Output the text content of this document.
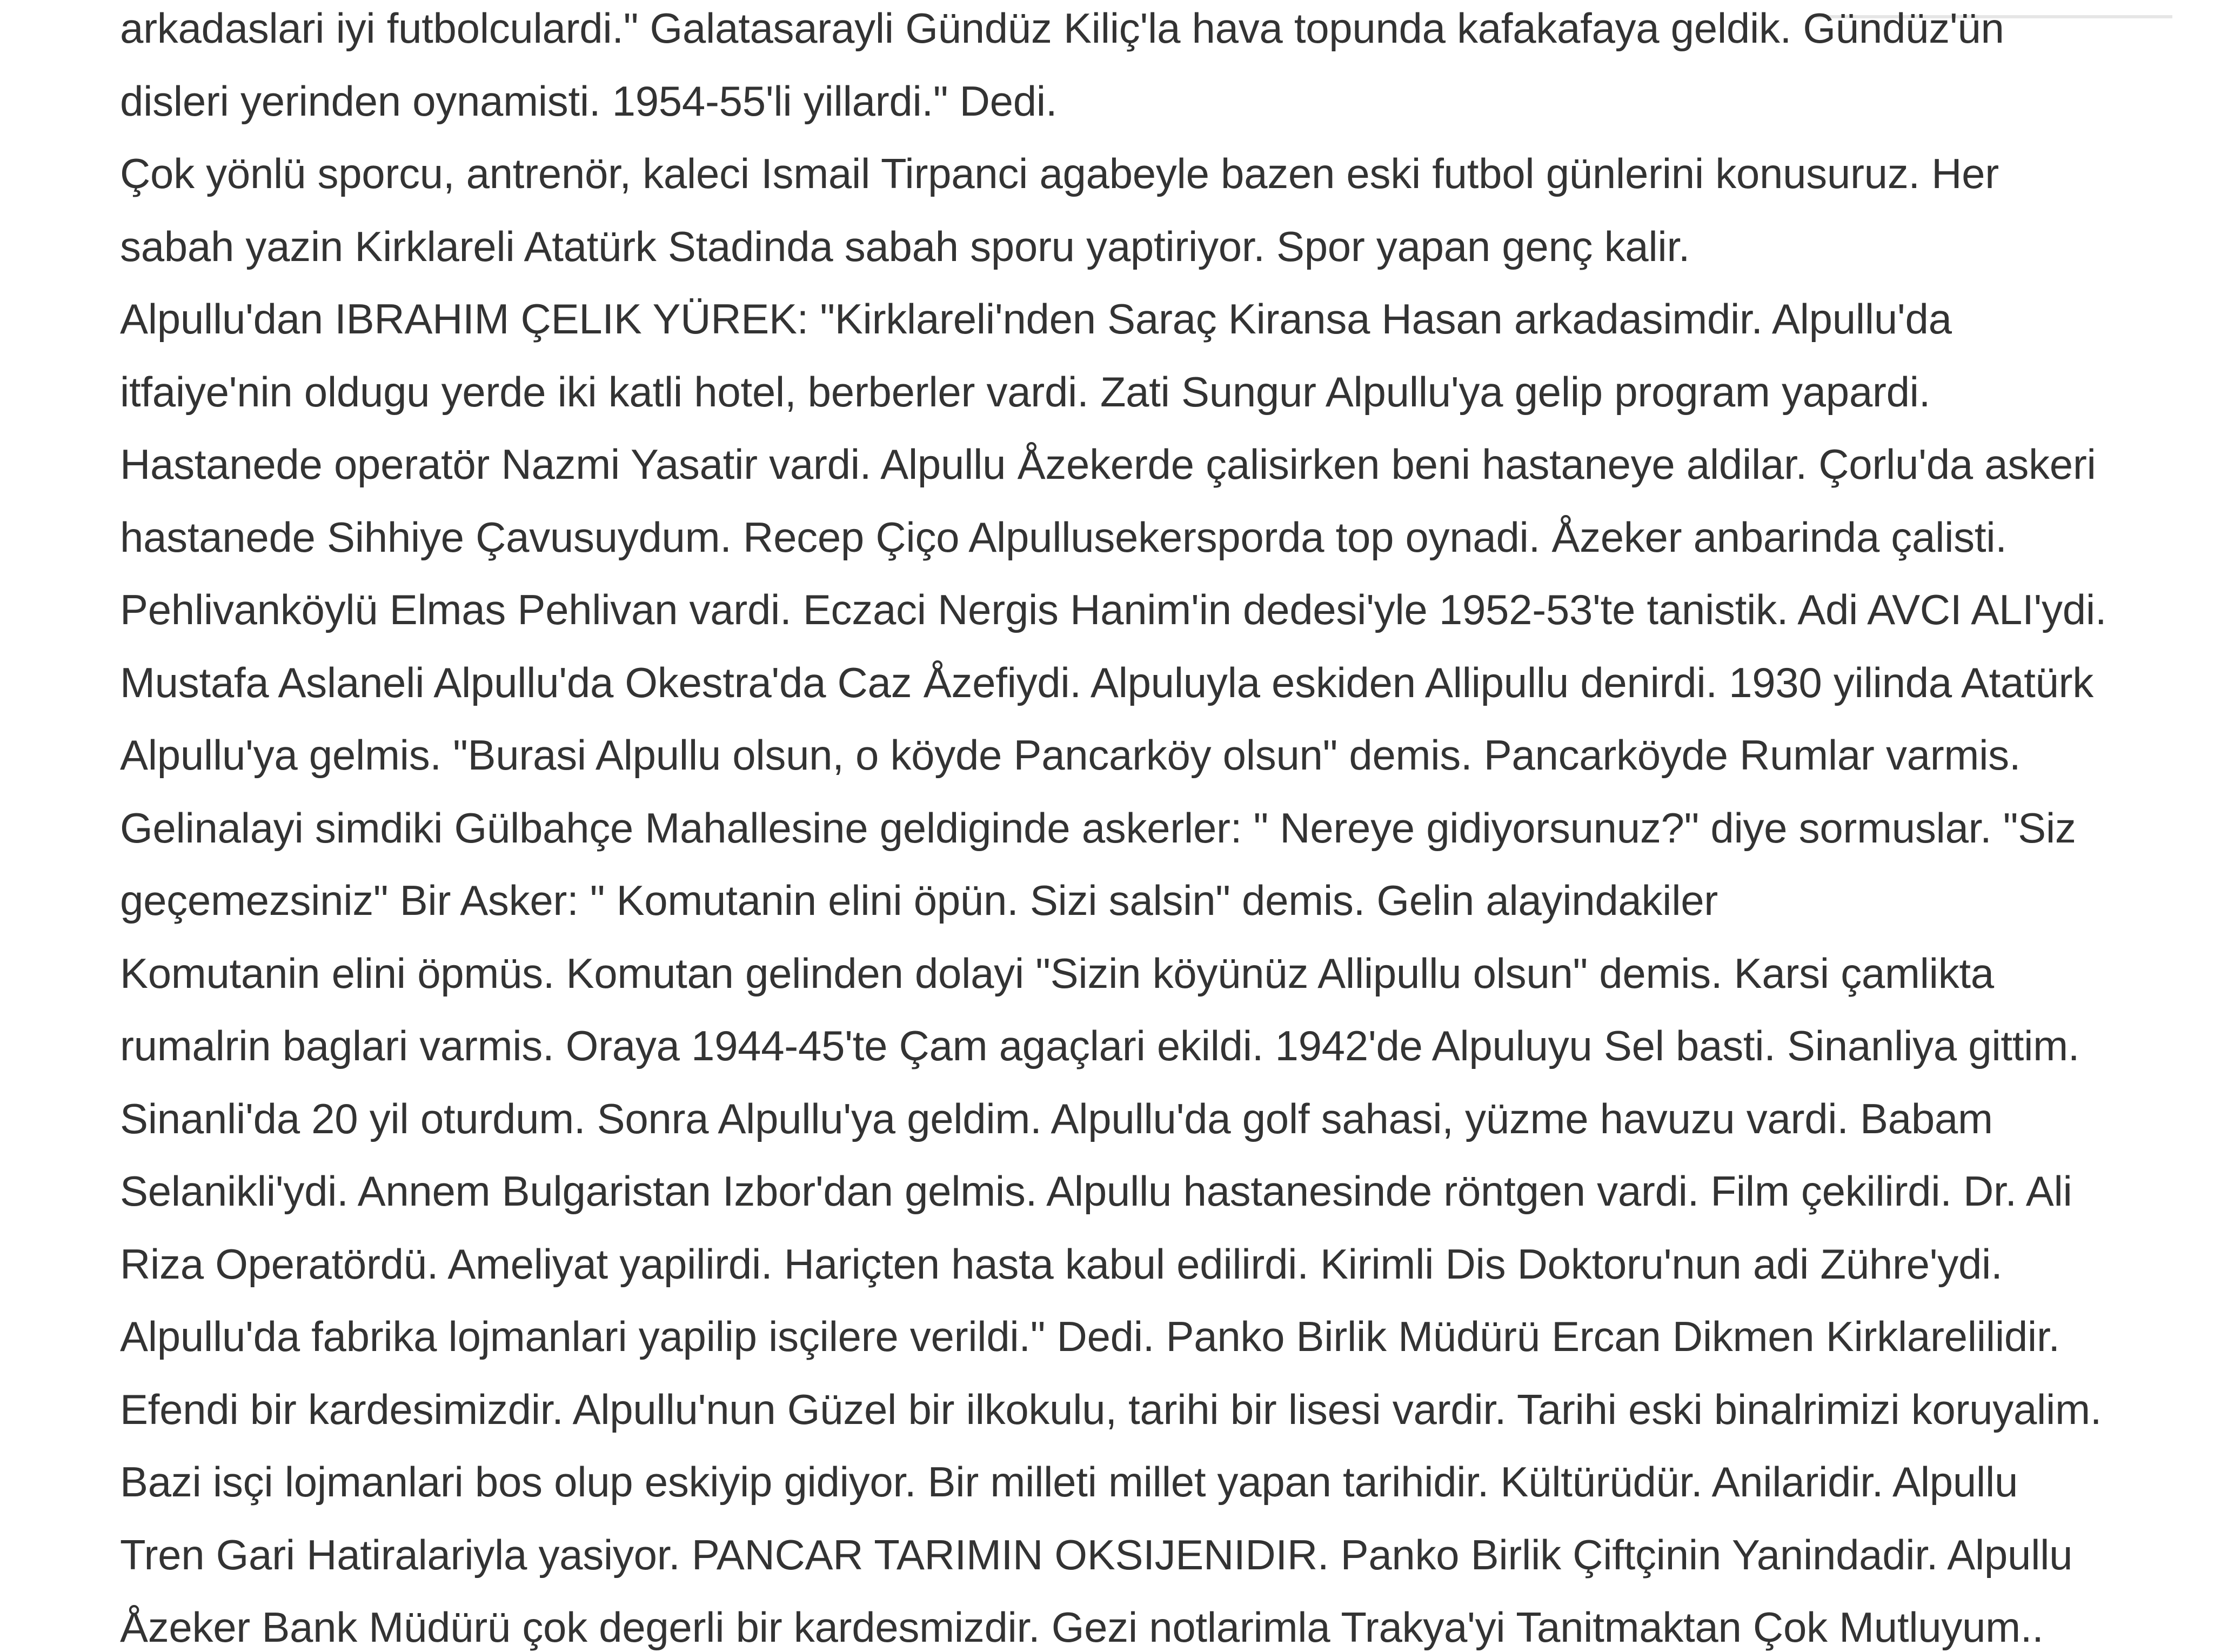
arkadaslari iyi futbolculardi." Galatasarayli Gündüz Kiliç'la hava topunda kafakafaya geldik. Gündüz'ün
disleri yerinden oynamisti. 1954-55'li yillardi." Dedi.
Çok yönlü sporcu, antrenör, kaleci Ismail Tirpanci agabeyle bazen eski futbol günlerini konusuruz. Her
sabah yazin Kirklareli Atatürk Stadinda sabah sporu yaptiriyor. Spor yapan genç kalir.
Alpullu'dan IBRAHIM ÇELIK YÜREK: "Kirklareli'nden Saraç Kiransa Hasan arkadasimdir. Alpullu'da
itfaiye'nin oldugu yerde iki katli hotel, berberler vardi. Zati Sungur Alpullu'ya gelip program yapardi.
Hastanede operatör Nazmi Yasatir vardi. Alpullu Åzekerde çalisirken beni hastaneye aldilar. Çorlu'da askeri
hastanede Sihhiye Çavusuydum. Recep Çiço Alpullusekersporda top oynadi. Åzeker anbarinda çalisti.
Pehlivanköylü Elmas Pehlivan vardi. Eczaci Nergis Hanim'in dedesi'yle 1952-53'te tanistik. Adi AVCI ALI'ydi.
Mustafa Aslaneli Alpullu'da Okestra'da Caz Åzefiydi. Alpuluyla eskiden Allipullu denirdi. 1930 yilinda Atatürk
Alpullu'ya gelmis. "Burasi Alpullu olsun, o köyde Pancarköy olsun" demis. Pancarköyde Rumlar varmis.
Gelinalayi simdiki Gülbahçe Mahallesine geldiginde askerler: " Nereye gidiyorsunuz?" diye sormuslar. "Siz
geçemezsiniz" Bir Asker: " Komutanin elini öpün. Sizi salsin" demis. Gelin alayindakiler
Komutanin elini öpmüs. Komutan gelinden dolayi "Sizin köyünüz Allipullu olsun" demis. Karsi çamlikta
rumalrin baglari varmis. Oraya 1944-45'te Çam agaçlari ekildi. 1942'de Alpuluyu Sel basti. Sinanliya gittim.
Sinanli'da 20 yil oturdum. Sonra Alpullu'ya geldim. Alpullu'da golf sahasi, yüzme havuzu vardi. Babam
Selanikli'ydi. Annem Bulgaristan Izbor'dan gelmis. Alpullu hastanesinde röntgen vardi. Film çekilirdi. Dr. Ali
Riza Operatördü. Ameliyat yapilirdi. Hariçten hasta kabul edilirdi. Kirimli Dis Doktoru'nun adi Zühre'ydi.
Alpullu'da fabrika lojmanlari yapilip isçilere verildi." Dedi. Panko Birlik Müdürü Ercan Dikmen Kirklarelilidir.
Efendi bir kardesimizdir. Alpullu'nun Güzel bir ilkokulu, tarihi bir lisesi vardir. Tarihi eski binalrimizi koruyalim.
Bazi isçi lojmanlari bos olup eskiyip gidiyor. Bir milleti millet yapan tarihidir. Kültürüdür. Anilaridir. Alpullu
Tren Gari Hatiralariyla yasiyor. PANCAR TARIMIN OKSIJENIDIR. Panko Birlik Çiftçinin Yanindadir. Alpullu
Åzeker Bank Müdürü çok degerli bir kardesmizdir. Gezi notlarimla Trakya'yi Tanitmaktan Çok Mutluyum..
